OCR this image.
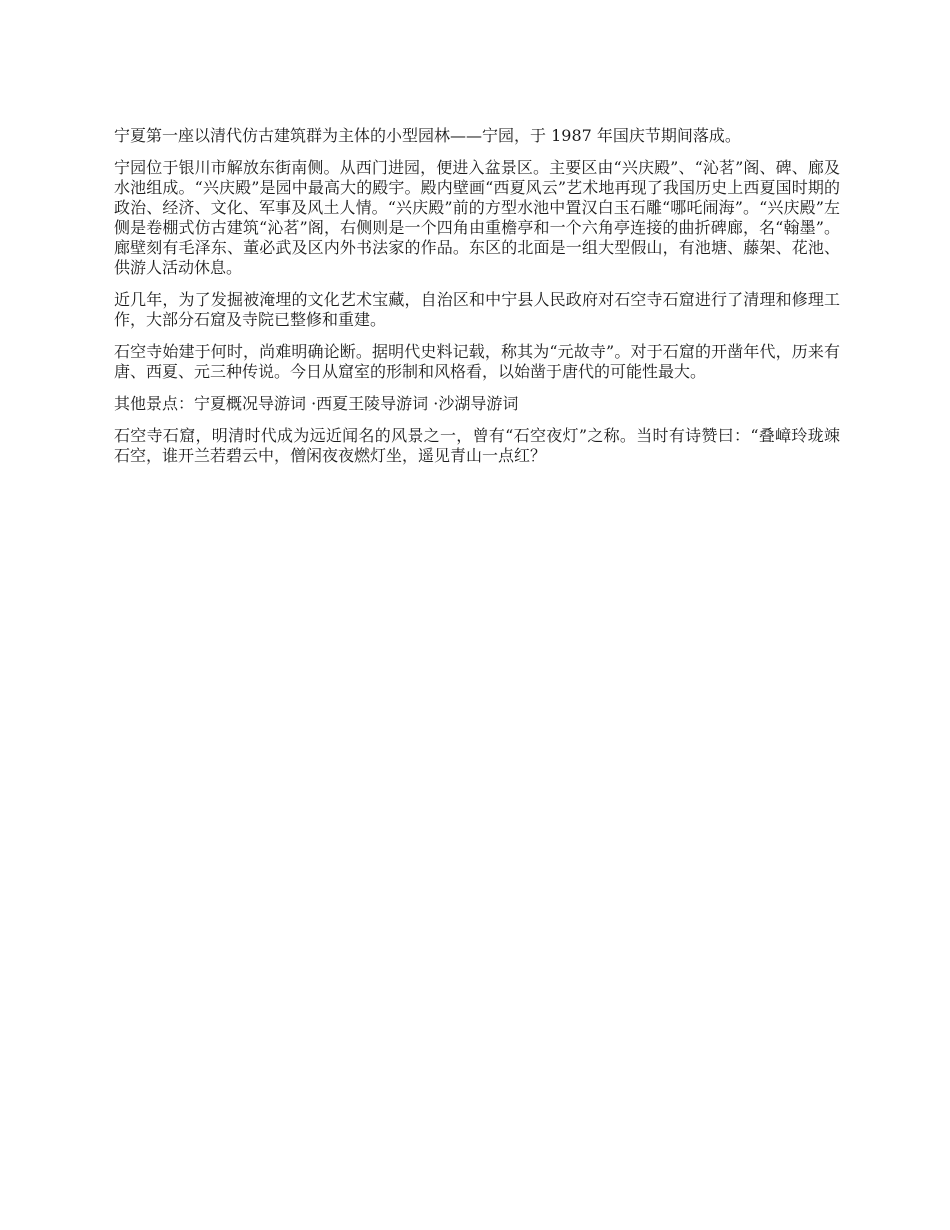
宁夏第一座以清代仿古建筑群为主体的小型园林——宁园，于 1987 年国庆节期间落成。

宁园位于银川市解放东街南侧。从西门进园，便进入盆景区。主要区由“兴庆殿”、“沁茗”阁、碑、廊及水池组成。“兴庆殿”是园中最高大的殿宇。殿内壁画“西夏风云”艺术地再现了我国历史上西夏国时期的政治、经济、文化、军事及风土人情。“兴庆殿”前的方型水池中置汉白玉石雕“哪吒闹海”。“兴庆殿”左侧是卷棚式仿古建筑“沁茗”阁，右侧则是一个四角由重檐亭和一个六角亭连接的曲折碑廊，名“翰墨”。廊壁刻有毛泽东、董必武及区内外书法家的作品。东区的北面是一组大型假山，有池塘、藤架、花池、供游人活动休息。

近几年，为了发掘被淹埋的文化艺术宝藏，自治区和中宁县人民政府对石空寺石窟进行了清理和修理工作，大部分石窟及寺院已整修和重建。

石空寺始建于何时，尚难明确论断。据明代史料记载，称其为“元故寺”。对于石窟的开凿年代，历来有唐、西夏、元三种传说。今日从窟室的形制和风格看，以始凿于唐代的可能性最大。

其他景点：宁夏概况导游词 ·西夏王陵导游词 ·沙湖导游词

石空寺石窟，明清时代成为远近闻名的风景之一，曾有“石空夜灯”之称。当时有诗赞曰：“叠嶂玲珑竦石空，谁开兰若碧云中，僧闲夜夜燃灯坐，遥见青山一点红？
